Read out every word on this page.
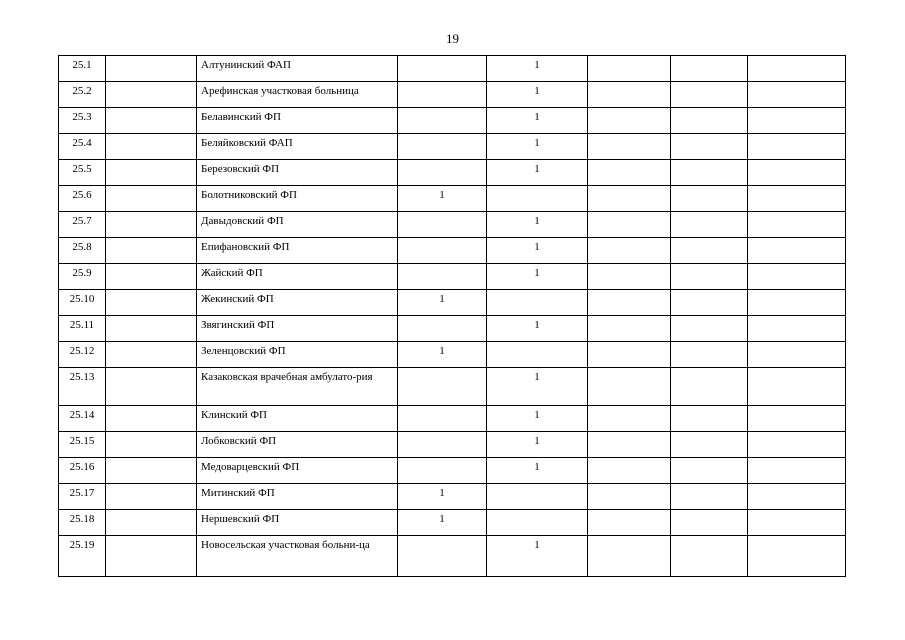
19
25.1		Алтунинский ФАП		1			
25.2		Арефинская участковая больница		1			
25.3		Белавинский ФП		1			
25.4		Беляйковский ФАП		1			
25.5		Березовский ФП		1			
25.6		Болотниковский ФП	1				
25.7		Давыдовский ФП		1			
25.8		Епифановский ФП		1			
25.9		Жайский ФП		1			
25.10		Жекинский ФП	1				
25.11		Звягинский ФП		1			
25.12		Зеленцовский ФП	1				
25.13		Казаковская врачебная амбулато-рия		1			
25.14		Клинский ФП		1			
25.15		Лобковский ФП		1			
25.16		Медоварцевский ФП		1			
25.17		Митинский ФП	1				
25.18		Нершевский ФП	1				
25.19		Новосельская участковая больни-ца		1			
